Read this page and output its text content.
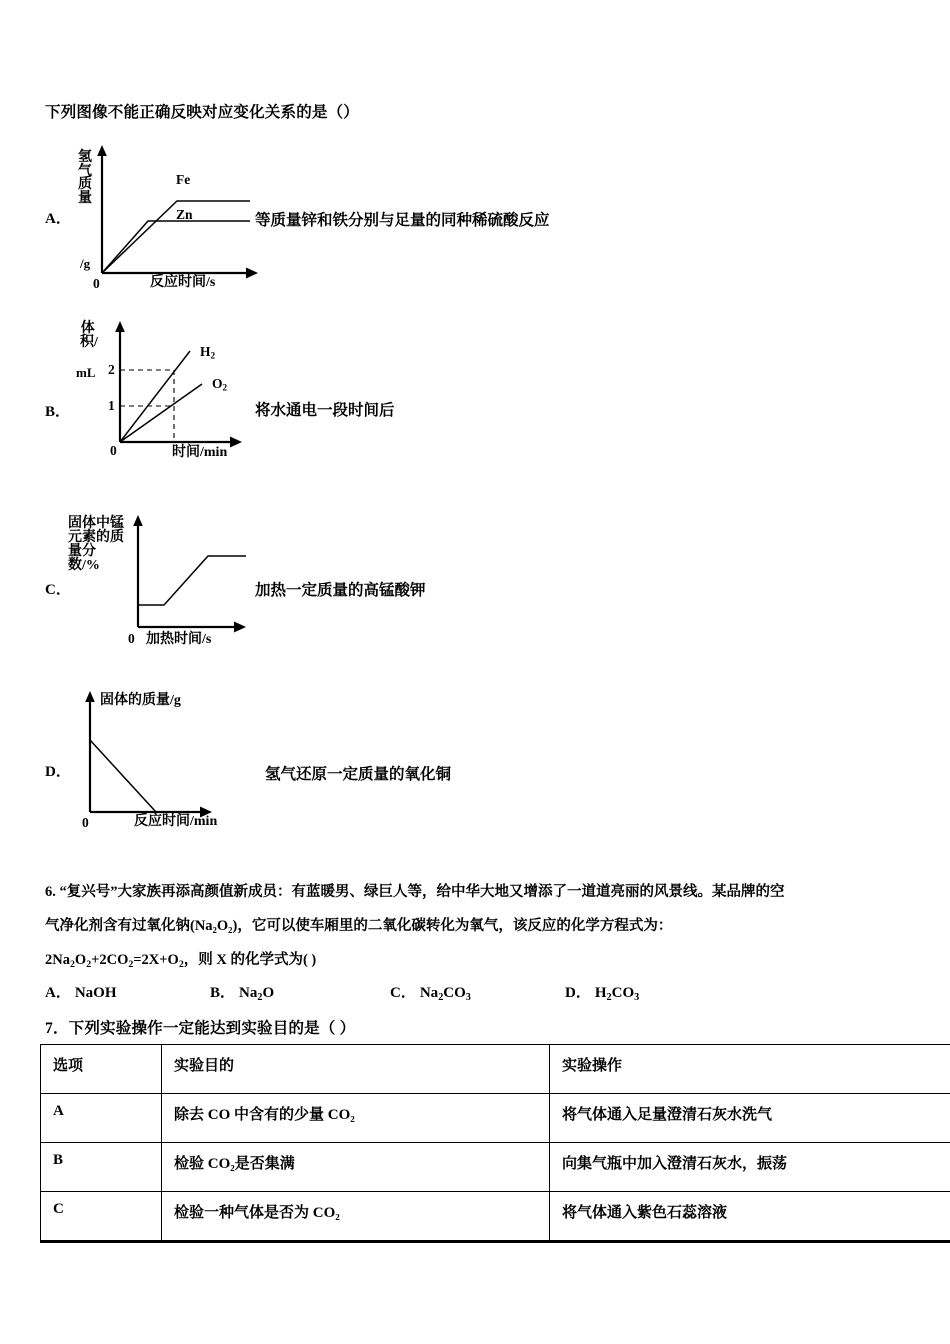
下列图像不能正确反映对应变化关系的是（）
A．
氢气质量
/g
Fe
Zn
0	反应时间/s
等质量锌和铁分别与足量的同种稀硫酸反应
B．
体积/
mL 2
1
$H_2$
$O_2$
0	时间/min
将水通电一段时间后
C．
固体中锰元素的质量分数/%
0 加热时间/s
加热一定质量的高锰酸钾
D．
固体的质量/g
0	反应时间/min
氢气还原一定质量的氧化铜
6. “复兴号”大家族再添高颜值新成员：有蓝暖男、绿巨人等，给中华大地又增添了一道道亮丽的风景线。某品牌的空
气净化剂含有过氧化钠(Na₂O₂)，它可以使车厢里的二氧化碳转化为氧气，该反应的化学方程式为：
$2Na_2O_2+2CO_2=2X+O_2$，则 X 的化学式为( )
A． NaOH	B． $Na_2O$	C． $Na_2CO_3$	D． $H_2CO_3$
7．下列实验操作一定能达到实验目的是（ ）
选项	实验目的	实验操作
A	除去 CO 中含有的少量 CO₂	将气体通入足量澄清石灰水洗气
B	检验 CO₂是否集满	向集气瓶中加入澄清石灰水，振荡
C	检验一种气体是否为 CO₂	将气体通入紫色石蕊溶液
